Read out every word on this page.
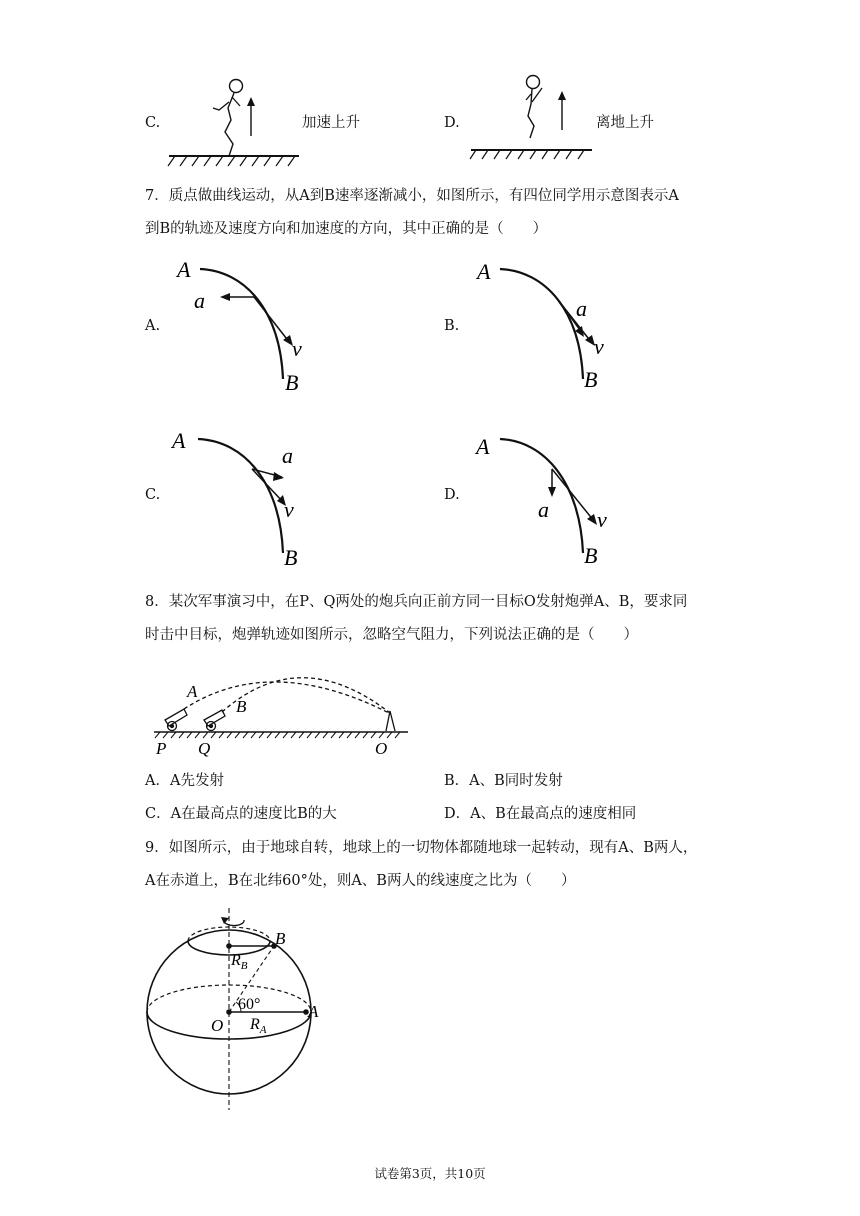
C.	加速上升	D.	离地上升
7．质点做曲线运动，从A到B速率逐渐减小，如图所示，有四位同学用示意图表示A
到B的轨迹及速度方向和加速度的方向，其中正确的是（　　）
A.
A
a
v
B
B.
A
a
v
B
C.
A
a
v
B
D.
A
a v
B
8．某次军事演习中，在P、Q两处的炮兵向正前方同一目标O发射炮弹A、B，要求同
时击中目标，炮弹轨迹如图所示，忽略空气阻力，下列说法正确的是（　　）
A
B
P Q	O
A．A先发射	B．A、B同时发射
C．A在最高点的速度比B的大	D．A、B在最高点的速度相同
9．如图所示，由于地球自转，地球上的一切物体都随地球一起转动，现有A、B两人，
A在赤道上，B在北纬60°处，则A、B两人的线速度之比为（　　）
B
A
O
60°
$R_B$
$R_A$
试卷第3页，共10页
